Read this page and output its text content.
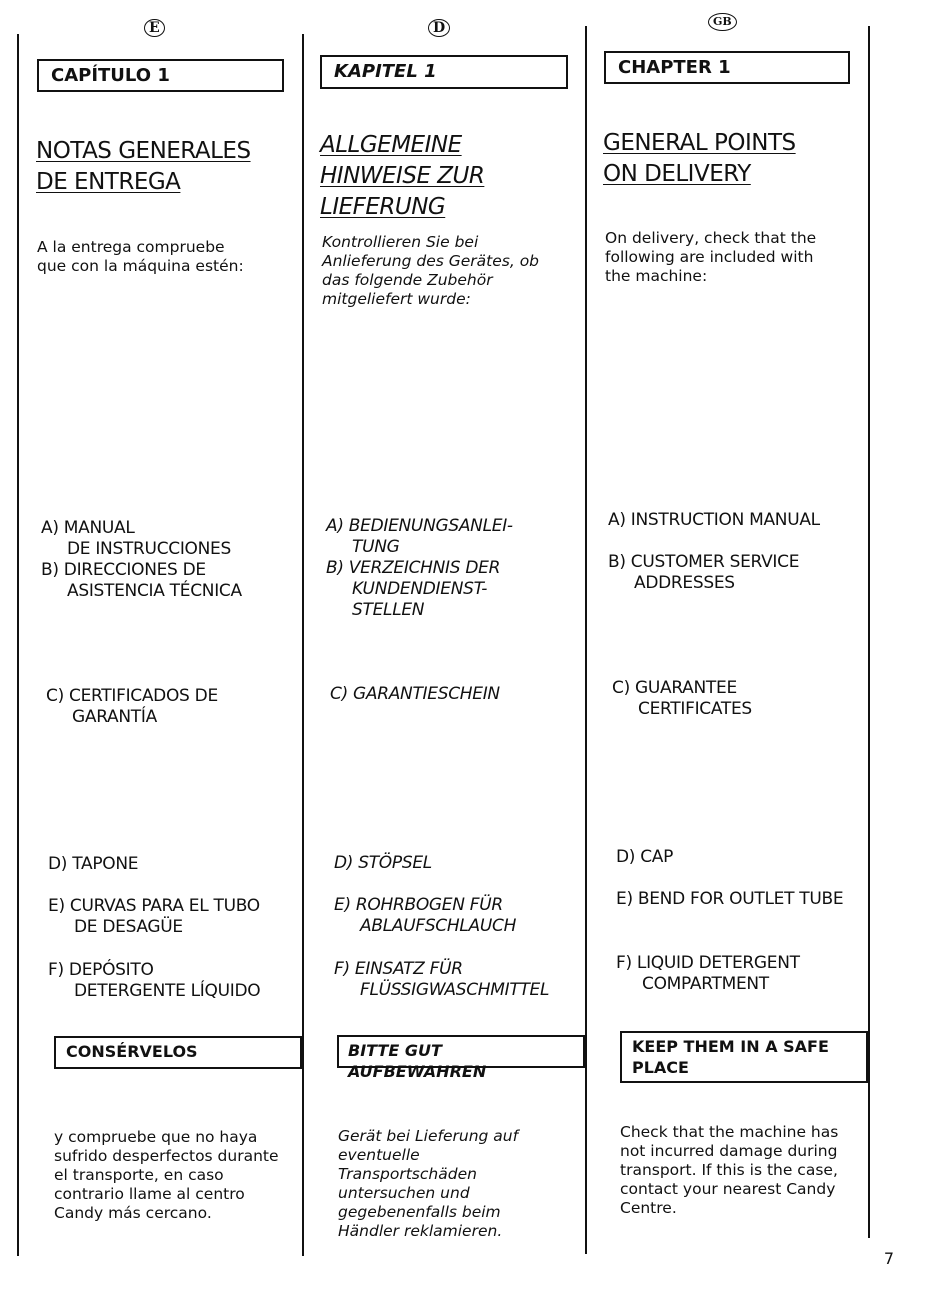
E
CAPÍTULO 1
NOTAS GENERALES
DE ENTREGA
A la entrega compruebe
que con la máquina estén:
A) MANUAL
DE INSTRUCCIONES
B) DIRECCIONES DE
ASISTENCIA TÉCNICA
C) CERTIFICADOS DE
GARANTÍA
D) TAPONE
E) CURVAS PARA EL TUBO
DE DESAGÜE
F) DEPÓSITO
DETERGENTE LÍQUIDO
CONSÉRVELOS
y compruebe que no haya
sufrido desperfectos durante
el transporte, en caso
contrario llame al centro
Candy más cercano.
D
KAPITEL 1
ALLGEMEINE
HINWEISE ZUR
LIEFERUNG
Kontrollieren Sie bei
Anlieferung des Gerätes, ob
das folgende Zubehör
mitgeliefert wurde:
A) BEDIENUNGSANLEI-
TUNG
B) VERZEICHNIS DER
KUNDENDIENST-
STELLEN
C) GARANTIESCHEIN
D) STÖPSEL
E) ROHRBOGEN FÜR
ABLAUFSCHLAUCH
F) EINSATZ FÜR
FLÜSSIGWASCHMITTEL
BITTE GUT AUFBEWAHREN
Gerät bei Lieferung auf
eventuelle
Transportschäden
untersuchen und
gegebenenfalls beim
Händler reklamieren.
GB
CHAPTER 1
GENERAL POINTS
ON DELIVERY
On delivery, check that the
following are included with
the machine:
A) INSTRUCTION MANUAL
B) CUSTOMER SERVICE
ADDRESSES
C) GUARANTEE
CERTIFICATES
D) CAP
E) BEND FOR OUTLET TUBE
F) LIQUID DETERGENT
COMPARTMENT
KEEP THEM IN A SAFE
PLACE
Check that the machine has
not incurred damage during
transport. If this is the case,
contact your nearest Candy
Centre.
7
